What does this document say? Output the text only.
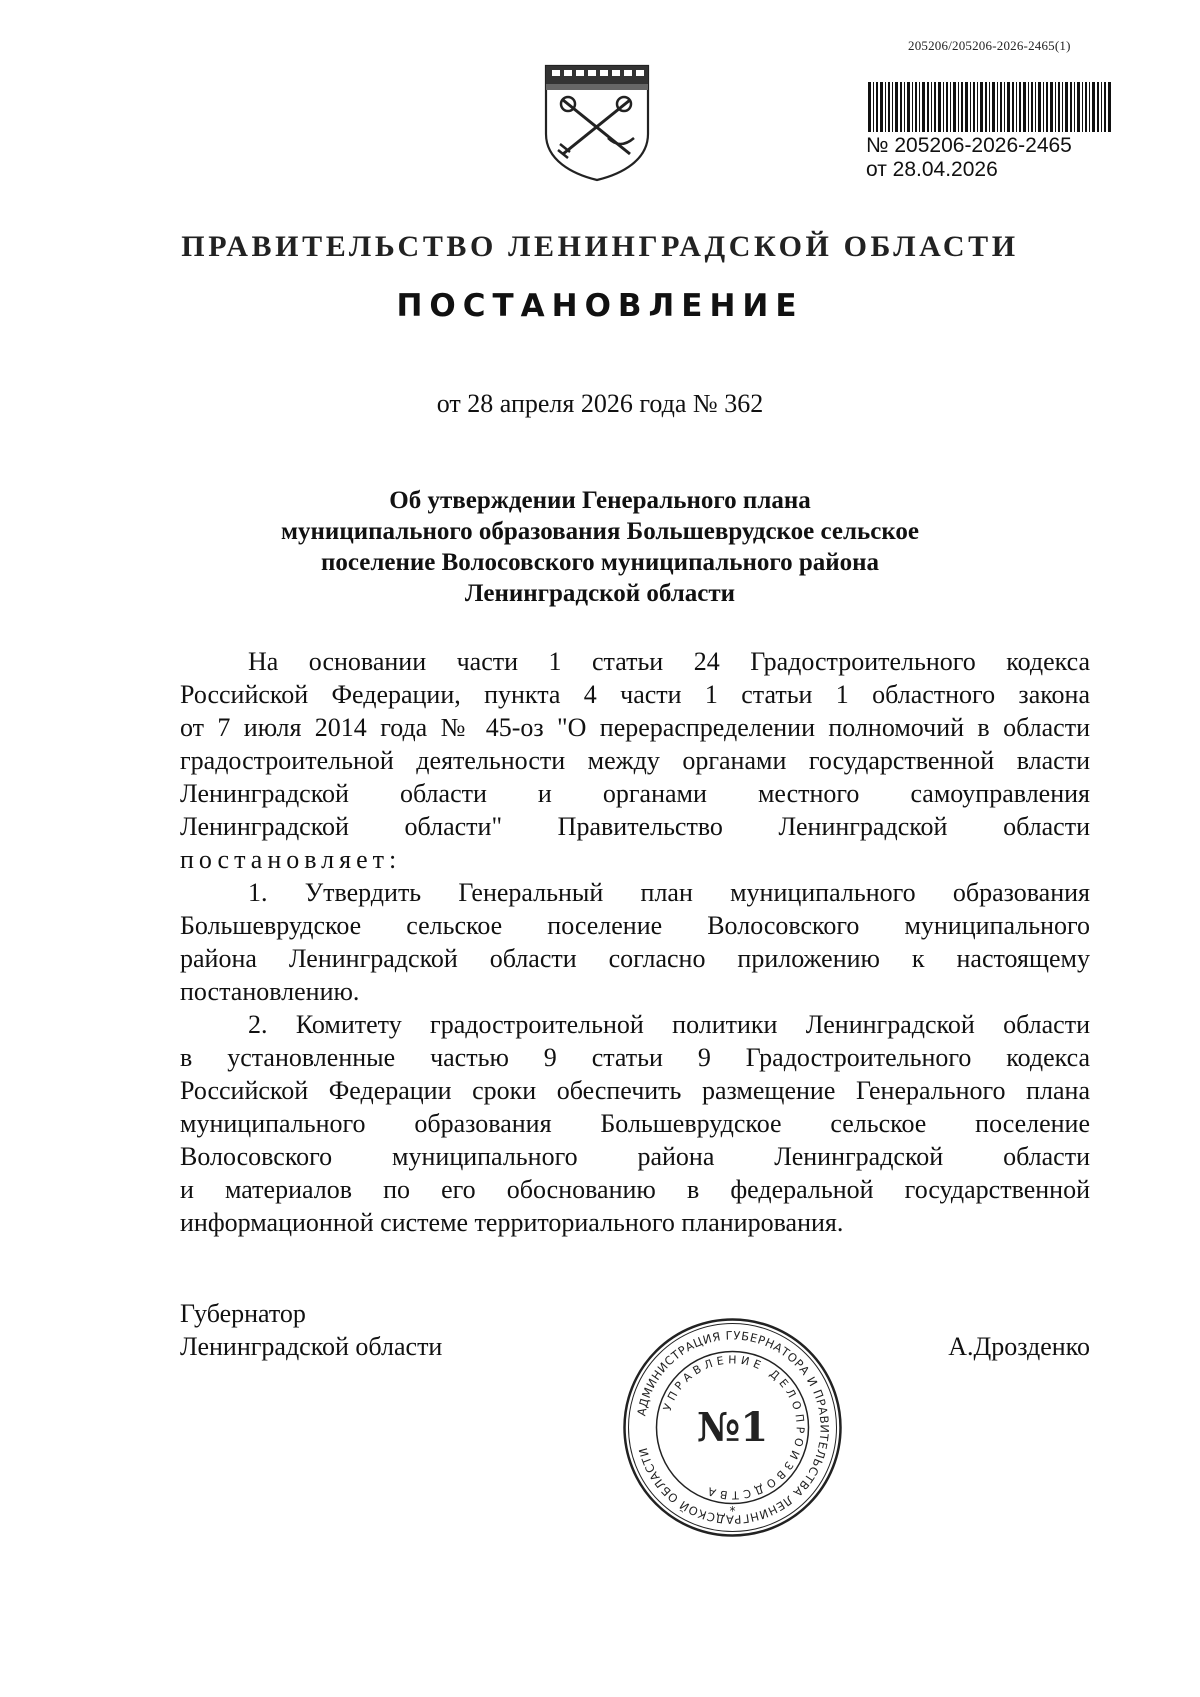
205206/205206-2026-2465(1)
№ 205206-2026-2465
от 28.04.2026
ПРАВИТЕЛЬСТВО ЛЕНИНГРАДСКОЙ ОБЛАСТИ
ПОСТАНОВЛЕНИЕ
от 28 апреля 2026 года № 362
Об утверждении Генерального плана
муниципального образования Большеврудское сельское
поселение Волосовского муниципального района
Ленинградской области
На основании части 1 статьи 24 Градостроительного кодекса
Российской Федерации, пункта 4 части 1 статьи 1 областного закона
от 7 июля 2014 года № 45-оз "О перераспределении полномочий в области
градостроительной деятельности между органами государственной власти
Ленинградской области и органами местного самоуправления
Ленинградской области" Правительство Ленинградской области
постановляет:
1. Утвердить Генеральный план муниципального образования
Большеврудское сельское поселение Волосовского муниципального
района Ленинградской области согласно приложению к настоящему
постановлению.
2. Комитету градостроительной политики Ленинградской области
в установленные частью 9 статьи 9 Градостроительного кодекса
Российской Федерации сроки обеспечить размещение Генерального плана
муниципального образования Большеврудское сельское поселение
Волосовского муниципального района Ленинградской области
и материалов по его обоснованию в федеральной государственной
информационной системе территориального планирования.
Губернатор
Ленинградской области	А.Дрозденко
АДМИНИСТРАЦИЯ ГУБЕРНАТОРА И ПРАВИТЕЛЬСТВА ЛЕНИНГРАДСКОЙ ОБЛАСТИ
УПРАВЛЕНИЕ ДЕЛОПРОИЗВОДСТВА
№1
*
